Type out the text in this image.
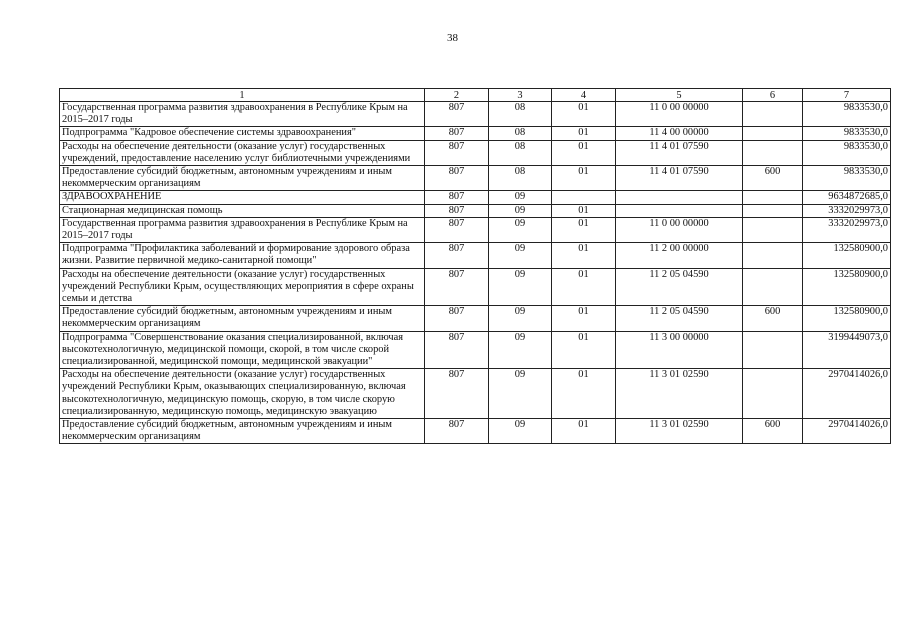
38
1	2	3	4	5	6	7
Государственная программа развития здравоохранения в Республике Крым на 2015–2017 годы	807	08	01	11 0 00 00000		9833530,0
Подпрограмма "Кадровое обеспечение системы здравоохранения"	807	08	01	11 4 00 00000		9833530,0
Расходы на обеспечение деятельности (оказание услуг) государственных учреждений, предоставление населению услуг библиотечными учреждениями	807	08	01	11 4 01 07590		9833530,0
Предоставление субсидий бюджетным, автономным учреждениям и иным некоммерческим организациям	807	08	01	11 4 01 07590	600	9833530,0
ЗДРАВООХРАНЕНИЕ	807	09				9634872685,0
Стационарная медицинская помощь	807	09	01			3332029973,0
Государственная программа развития здравоохранения в Республике Крым на 2015–2017 годы	807	09	01	11 0 00 00000		3332029973,0
Подпрограмма "Профилактика заболеваний и формирование здорового образа жизни. Развитие первичной медико-санитарной помощи"	807	09	01	11 2 00 00000		132580900,0
Расходы на обеспечение деятельности (оказание услуг) государственных учреждений Республики Крым, осуществляющих мероприятия в сфере охраны семьи и детства	807	09	01	11 2 05 04590		132580900,0
Предоставление субсидий бюджетным, автономным учреждениям и иным некоммерческим организациям	807	09	01	11 2 05 04590	600	132580900,0
Подпрограмма "Совершенствование оказания специализированной, включая высокотехнологичную, медицинской помощи, скорой, в том числе скорой специализированной, медицинской помощи, медицинской эвакуации"	807	09	01	11 3 00 00000		3199449073,0
Расходы на обеспечение деятельности (оказание услуг) государственных учреждений Республики Крым, оказывающих специализированную, включая высокотехнологичную, медицинскую помощь, скорую, в том числе скорую специализированную, медицинскую помощь, медицинскую эвакуацию	807	09	01	11 3 01 02590		2970414026,0
Предоставление субсидий бюджетным, автономным учреждениям и иным некоммерческим организациям	807	09	01	11 3 01 02590	600	2970414026,0
